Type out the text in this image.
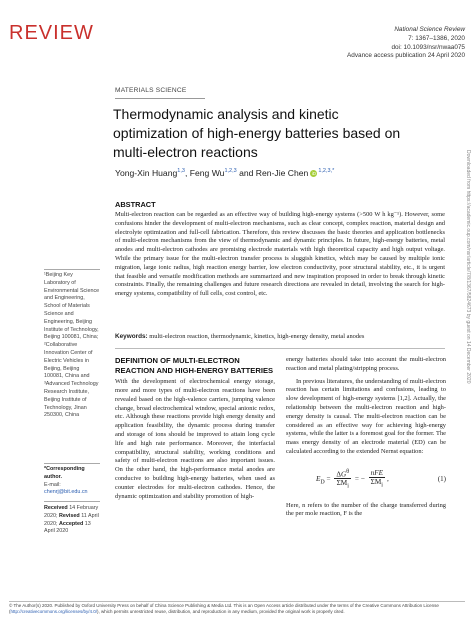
REVIEW	National Science Review
7: 1367–1386, 2020
doi: 10.1093/nsr/nwaa075
Advance access publication 24 April 2020
MATERIALS SCIENCE
Thermodynamic analysis and kinetic optimization of high-energy batteries based on multi-electron reactions
Yong-Xin Huang$^{1,3}$, Feng Wu$^{1,2,3}$ and Ren-Jie Chen iD $^{1,2,3,*}$
ABSTRACT
Multi-electron reaction can be regarded as an effective way of building high-energy systems (>500 W h kg⁻¹). However, some confusions hinder the development of multi-electron mechanisms, such as clear concept, complex reaction, material design and electrolyte optimization and full-cell fabrication. Therefore, this review discusses the basic theories and application bottlenecks of multi-electron mechanisms from the view of thermodynamic and dynamic principles. In future, high-energy batteries, metal anodes and multi-electron cathodes are promising electrode materials with high theoretical capacity and high output voltage. While the primary issue for the multi-electron transfer process is sluggish kinetics, which may be caused by multiple ionic migration, large ionic radius, high reaction energy barrier, low electron conductivity, poor structural stability, etc., it is urgent that feasible and versatile modification methods are summarized and new inspiration proposed in order to break through kinetic constraints. Finally, the remaining challenges and future research directions are revealed in detail, involving the search for high-energy systems, compatibility of full cells, cost control, etc.
Keywords: multi-electron reaction, thermodynamic, kinetics, high-energy density, metal anodes
¹Beijing Key Laboratory of Environmental Science and Engineering, School of Materials Science and Engineering, Beijing Institute of Technology, Beijing 100081, China; ²Collaborative Innovation Center of Electric Vehicles in Beijing, Beijing 100081, China and ³Advanced Technology Research Institute, Beijing Institute of Technology, Jinan 250300, China
*Corresponding author.
E-mail: chenrj@bit.edu.cn
Received 14 February 2020; Revised 11 April 2020; Accepted 13 April 2020
DEFINITION OF MULTI-ELECTRON REACTION AND HIGH-ENERGY BATTERIES

With the development of electrochemical energy storage, more and more types of multi-electron reactions have been revealed based on the high-valence carriers, jumping valence change, broad electrochemical window, special anionic redox, etc. Although these reactions provide high energy density and application feasibility, the dynamic process during transfer and storage of ions should be improved to attain long cycle life and high rate performance. Moreover, the interfacial compatibility, structural stability, working conditions and safety of multi-electron reactions are also important issues. On the other hand, the high-performance metal anodes are conducive to building high-energy batteries, when used as counter electrodes for multi-electron cathodes. Hence, the dynamic optimization and stability promotion of high-

energy batteries should take into account the multi-electron reaction and metal plating/stripping process.

In previous literatures, the understanding of multi-electron reaction has certain limitations and confusions, leading to slow development of high-energy systems [1,2]. Actually, the relationship between the multi-electron reaction and high-energy density is causal. The multi-electron reaction can be considered as an effective way for achieving high-energy systems, while the latter is a foremost goal for the former. The mass energy density of an electrode material (ED) can be calculated according to the extended Nernst equation:

$E_D = \frac{\Delta G^\theta}{\Sigma M_i}$ = − $\frac{\text{nFE}}{\Sigma M_i}$ ,	(1)

Here, n refers to the number of the charge transferred during the per mole reaction, F is the

Downloaded from https://academic.oup.com/nsr/article/7/8/1367/5824673 by guest on 14 December 2020
© The Author(s) 2020. Published by Oxford University Press on behalf of China Science Publishing & Media Ltd. This is an Open Access article distributed under the terms of the Creative Commons Attribution License (http://creativecommons.org/licenses/by/4.0/), which permits unrestricted reuse, distribution, and reproduction in any medium, provided the original work is properly cited.
